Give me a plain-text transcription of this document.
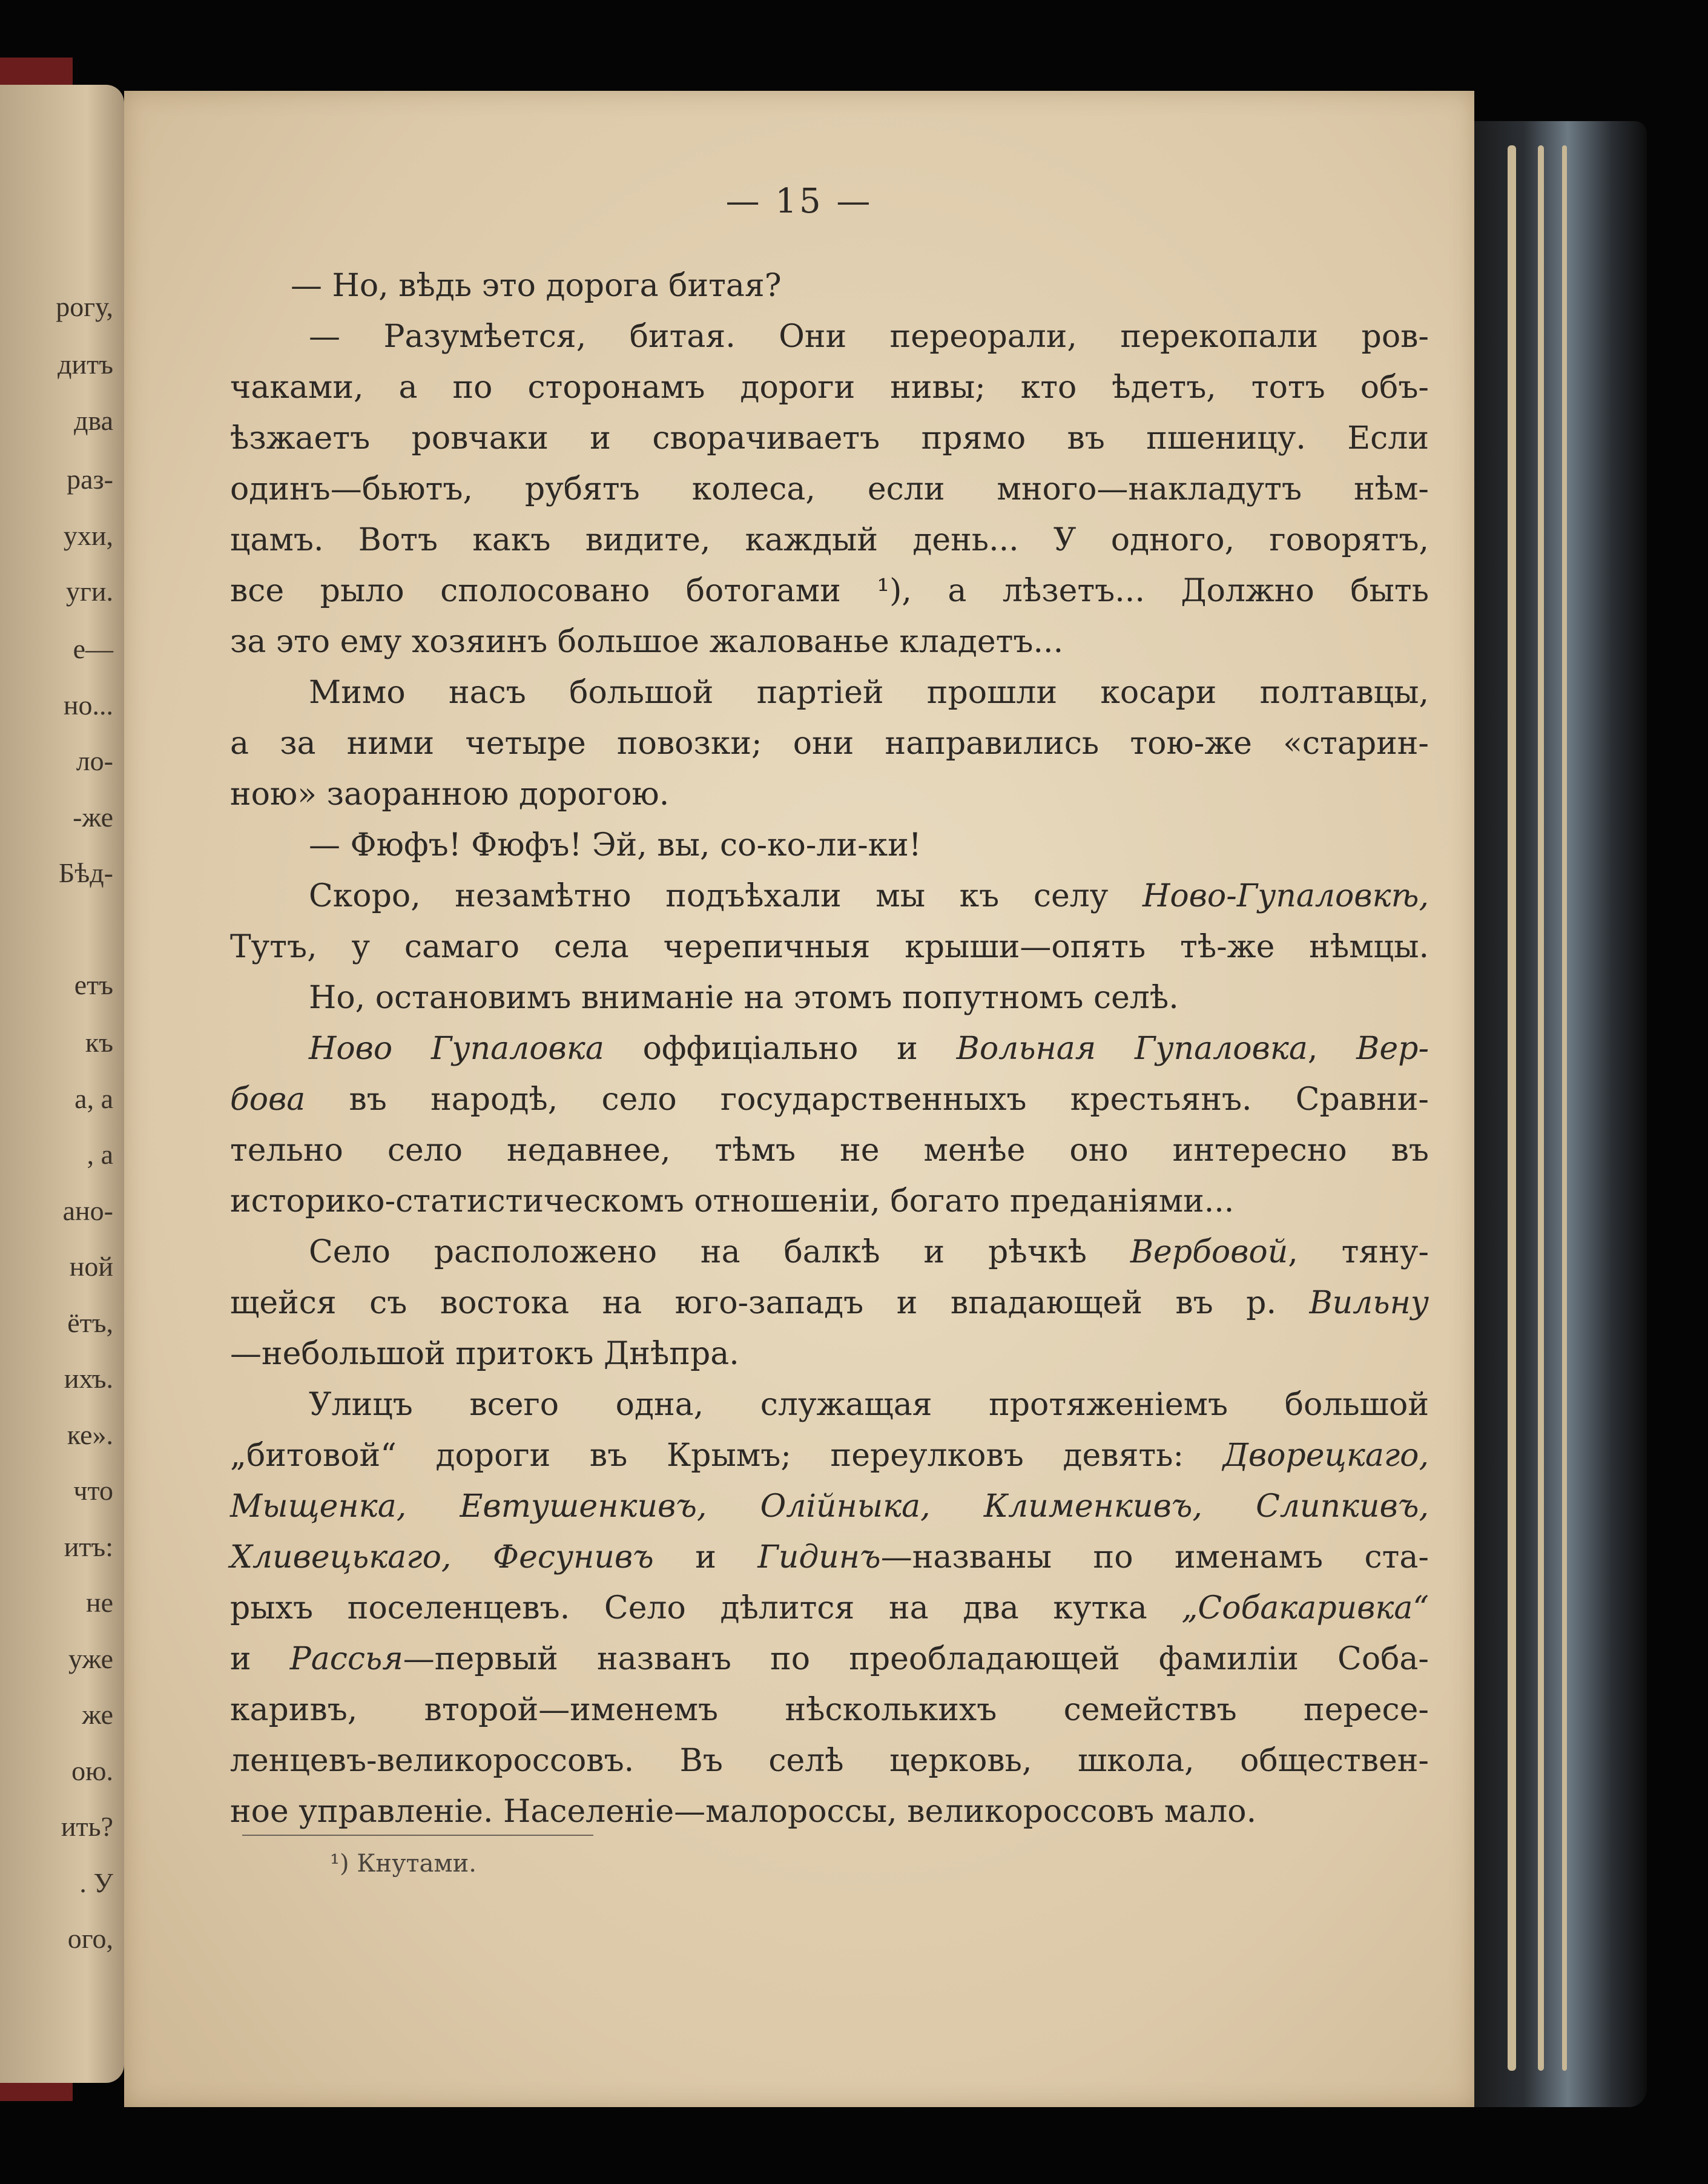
рогу,
дитъ
два
раз-
ухи,
уги.
е—
но...
ло-
-же
Бѣд-
етъ
къ
а, а
, а
ано-
ной
ётъ,
ихъ.
ке».
что
итъ:
не
уже
же
ою.
ить?
. У
ого,
— 15 —
— Но, вѣдь это дорога битая?
— Разумѣется, битая. Они переорали, перекопали ров-
чаками, а по сторонамъ дороги нивы; кто ѣдетъ, тотъ объ-
ѣзжаетъ ровчаки и сворачиваетъ прямо въ пшеницу. Если
одинъ—бьютъ, рубятъ колеса, если много—накладутъ нѣм-
цамъ. Вотъ какъ видите, каждый день... У одного, говорятъ,
все рыло сполосовано ботогами ¹), а лѣзетъ... Должно быть
за это ему хозяинъ большое жалованье кладетъ...
Мимо насъ большой партіей прошли косари полтавцы,
а за ними четыре повозки; они направились тою-же «старин-
ною» заоранною дорогою.
— Фюфъ! Фюфъ! Эй, вы, со-ко-ли-ки!
Скоро, незамѣтно подъѣхали мы къ селу Ново-Гупаловкѣ,
Тутъ, у самаго села черепичныя крыши—опять тѣ-же нѣмцы.
Но, остановимъ вниманіе на этомъ попутномъ селѣ.
Ново Гупаловка оффиціально и Вольная Гупаловка, Вер-
бова въ народѣ, село государственныхъ крестьянъ. Сравни-
тельно село недавнее, тѣмъ не менѣе оно интересно въ
историко-статистическомъ отношеніи, богато преданіями...
Село расположено на балкѣ и рѣчкѣ Вербовой, тяну-
щейся съ востока на юго-западъ и впадающей въ р. Вильну
—небольшой притокъ Днѣпра.
Улицъ всего одна, служащая протяженіемъ большой
„битовой“ дороги въ Крымъ; переулковъ девять: Дворецкаго,
Мыщенка, Евтушенкивъ, Олійныка, Клименкивъ, Слипкивъ,
Хливецькаго, Фесунивъ и Гидинъ—названы по именамъ ста-
рыхъ поселенцевъ. Село дѣлится на два кутка „Собакаривка“
и Рассья—первый названъ по преобладающей фамиліи Соба-
каривъ, второй—именемъ нѣсколькихъ семействъ пересе-
ленцевъ-великороссовъ. Въ селѣ церковь, школа, обществен-
ное управленіе. Населеніе—малороссы, великороссовъ мало.
¹) Кнутами.
